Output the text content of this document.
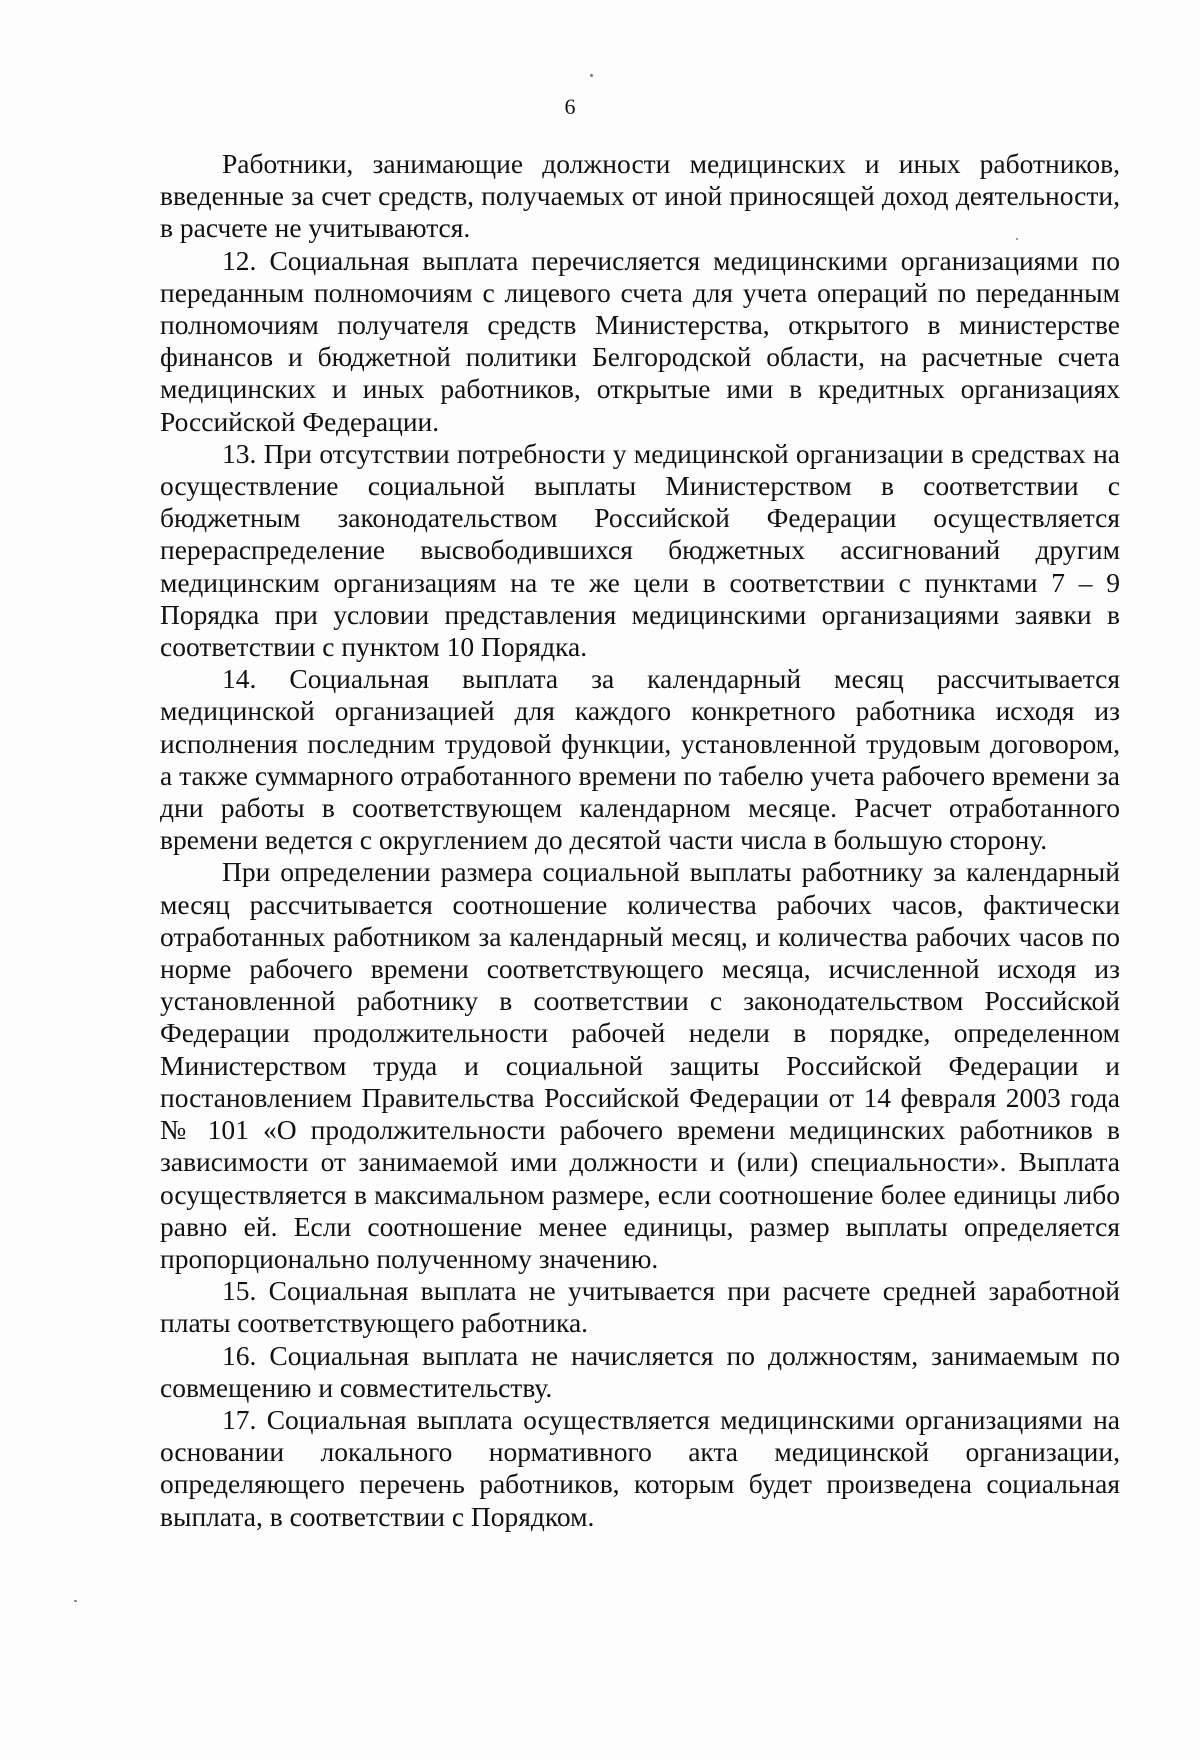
6

Работники, занимающие должности медицинских и иных работников, введенные за счет средств, получаемых от иной приносящей доход деятельности, в расчете не учитываются.

12. Социальная выплата перечисляется медицинскими организациями по переданным полномочиям с лицевого счета для учета операций по переданным полномочиям получателя средств Министерства, открытого в министерстве финансов и бюджетной политики Белгородской области, на расчетные счета медицинских и иных работников, открытые ими в кредитных организациях Российской Федерации.

13. При отсутствии потребности у медицинской организации в средствах на осуществление социальной выплаты Министерством в соответствии с бюджетным законодательством Российской Федерации осуществляется перераспределение высвободившихся бюджетных ассигнований другим медицинским организациям на те же цели в соответствии с пунктами 7 – 9 Порядка при условии представления медицинскими организациями заявки в соответствии с пунктом 10 Порядка.

14. Социальная выплата за календарный месяц рассчитывается медицинской организацией для каждого конкретного работника исходя из исполнения последним трудовой функции, установленной трудовым договором, а также суммарного отработанного времени по табелю учета рабочего времени за дни работы в соответствующем календарном месяце. Расчет отработанного времени ведется с округлением до десятой части числа в большую сторону.

При определении размера социальной выплаты работнику за календарный месяц рассчитывается соотношение количества рабочих часов, фактически отработанных работником за календарный месяц, и количества рабочих часов по норме рабочего времени соответствующего месяца, исчисленной исходя из установленной работнику в соответствии с законодательством Российской Федерации продолжительности рабочей недели в порядке, определенном Министерством труда и социальной защиты Российской Федерации и постановлением Правительства Российской Федерации от 14 февраля 2003 года № 101 «О продолжительности рабочего времени медицинских работников в зависимости от занимаемой ими должности и (или) специальности». Выплата осуществляется в максимальном размере, если соотношение более единицы либо равно ей. Если соотношение менее единицы, размер выплаты определяется пропорционально полученному значению.

15. Социальная выплата не учитывается при расчете средней заработной платы соответствующего работника.

16. Социальная выплата не начисляется по должностям, занимаемым по совмещению и совместительству.

17. Социальная выплата осуществляется медицинскими организациями на основании локального нормативного акта медицинской организации, определяющего перечень работников, которым будет произведена социальная выплата, в соответствии с Порядком.
